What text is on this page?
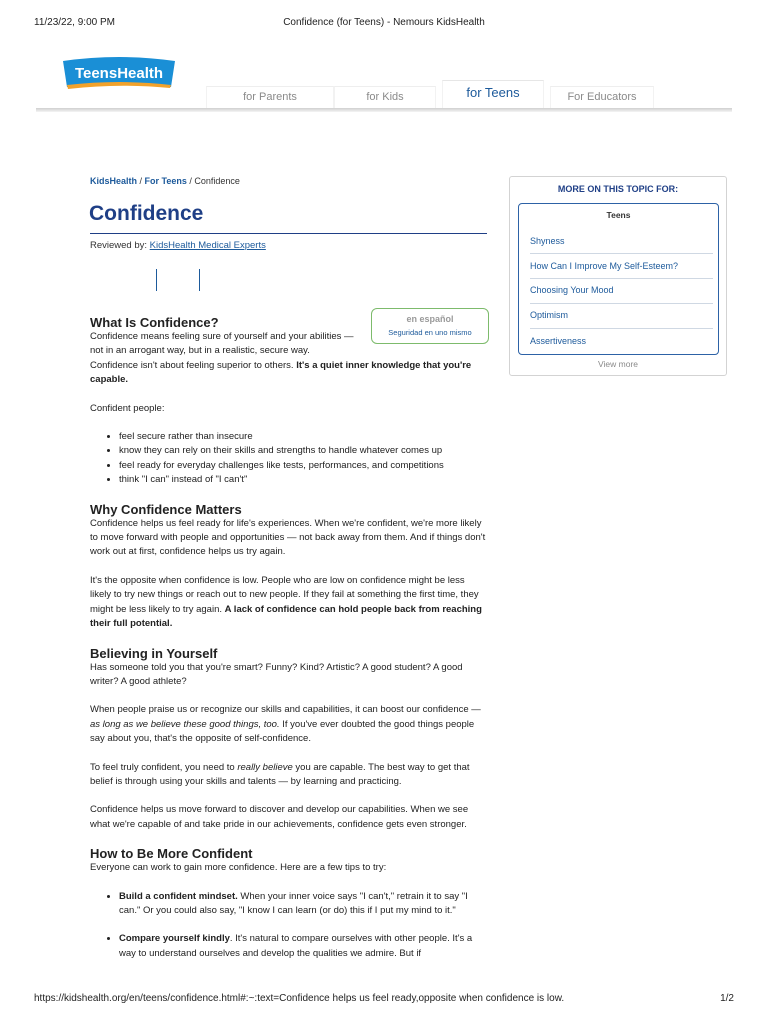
11/23/22, 9:00 PM	Confidence (for Teens) - Nemours KidsHealth
TeensHealth
for Parents	for Kids	for Teens	For Educators
KidsHealth / For Teens / Confidence
Confidence
Reviewed by: KidsHealth Medical Experts
en español
Seguridad en uno mismo
What Is Confidence?

Confidence means feeling sure of yourself and your abilities — not in an arrogant way, but in a realistic, secure way.

Confidence isn't about feeling superior to others. It's a quiet inner knowledge that you're capable.

Confident people:

• feel secure rather than insecure
• know they can rely on their skills and strengths to handle whatever comes up
• feel ready for everyday challenges like tests, performances, and competitions
• think "I can" instead of "I can't"
Why Confidence Matters

Confidence helps us feel ready for life's experiences. When we're confident, we're more likely to move forward with people and opportunities — not back away from them. And if things don't work out at first, confidence helps us try again.

It's the opposite when confidence is low. People who are low on confidence might be less likely to try new things or reach out to new people. If they fail at something the first time, they might be less likely to try again. A lack of confidence can hold people back from reaching their full potential.

Believing in Yourself

Has someone told you that you're smart? Funny? Kind? Artistic? A good student? A good writer? A good athlete?

When people praise us or recognize our skills and capabilities, it can boost our confidence — as long as we believe these good things, too. If you've ever doubted the good things people say about you, that's the opposite of self-confidence.

To feel truly confident, you need to really believe you are capable. The best way to get that belief is through using your skills and talents — by learning and practicing.

Confidence helps us move forward to discover and develop our capabilities. When we see what we're capable of and take pride in our achievements, confidence gets even stronger.

How to Be More Confident

Everyone can work to gain more confidence. Here are a few tips to try:

• Build a confident mindset. When your inner voice says "I can't," retrain it to say "I can." Or you could also say, "I know I can learn (or do) this if I put my mind to it."
• Compare yourself kindly. It's natural to compare ourselves with other people. It's a way to understand ourselves and develop the qualities we admire. But if
MORE ON THIS TOPIC FOR:
Teens
Shyness
How Can I Improve My Self-Esteem?
Choosing Your Mood
Optimism
Assertiveness
View more
https://kidshealth.org/en/teens/confidence.html#:~:text=Confidence helps us feel ready,opposite when confidence is low.	1/2
